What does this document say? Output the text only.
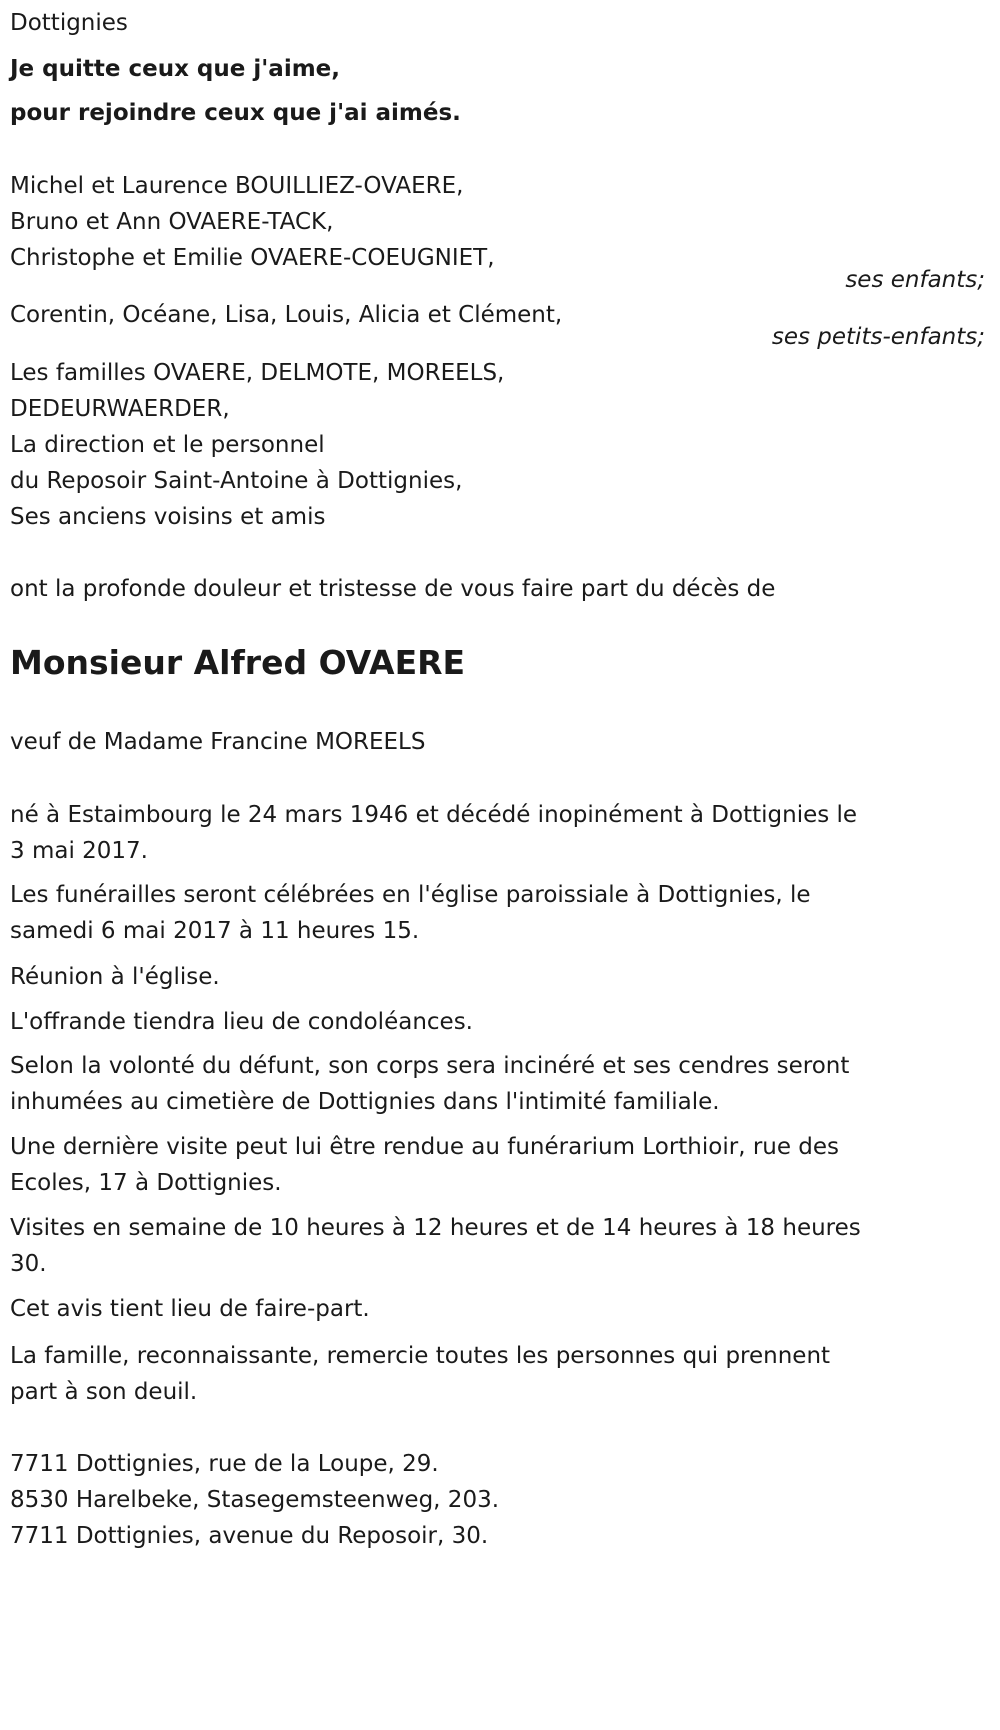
Dottignies
Je quitte ceux que j'aime,
pour rejoindre ceux que j'ai aimés.
Michel et Laurence BOUILLIEZ-OVAERE,
Bruno et Ann OVAERE-TACK,
Christophe et Emilie OVAERE-COEUGNIET,
ses enfants;
Corentin, Océane, Lisa, Louis, Alicia et Clément,
ses petits-enfants;
Les familles OVAERE, DELMOTE, MOREELS,
DEDEURWAERDER,
La direction et le personnel
du Reposoir Saint-Antoine à Dottignies,
Ses anciens voisins et amis
ont la profonde douleur et tristesse de vous faire part du décès de
Monsieur Alfred OVAERE
veuf de Madame Francine MOREELS
né à Estaimbourg le 24 mars 1946 et décédé inopinément à Dottignies le
3 mai 2017.
Les funérailles seront célébrées en l'église paroissiale à Dottignies, le
samedi 6 mai 2017 à 11 heures 15.
Réunion à l'église.
L'offrande tiendra lieu de condoléances.
Selon la volonté du défunt, son corps sera incinéré et ses cendres seront
inhumées au cimetière de Dottignies dans l'intimité familiale.
Une dernière visite peut lui être rendue au funérarium Lorthioir, rue des
Ecoles, 17 à Dottignies.
Visites en semaine de 10 heures à 12 heures et de 14 heures à 18 heures
30.
Cet avis tient lieu de faire-part.
La famille, reconnaissante, remercie toutes les personnes qui prennent
part à son deuil.
7711 Dottignies, rue de la Loupe, 29.
8530 Harelbeke, Stasegemsteenweg, 203.
7711 Dottignies, avenue du Reposoir, 30.
